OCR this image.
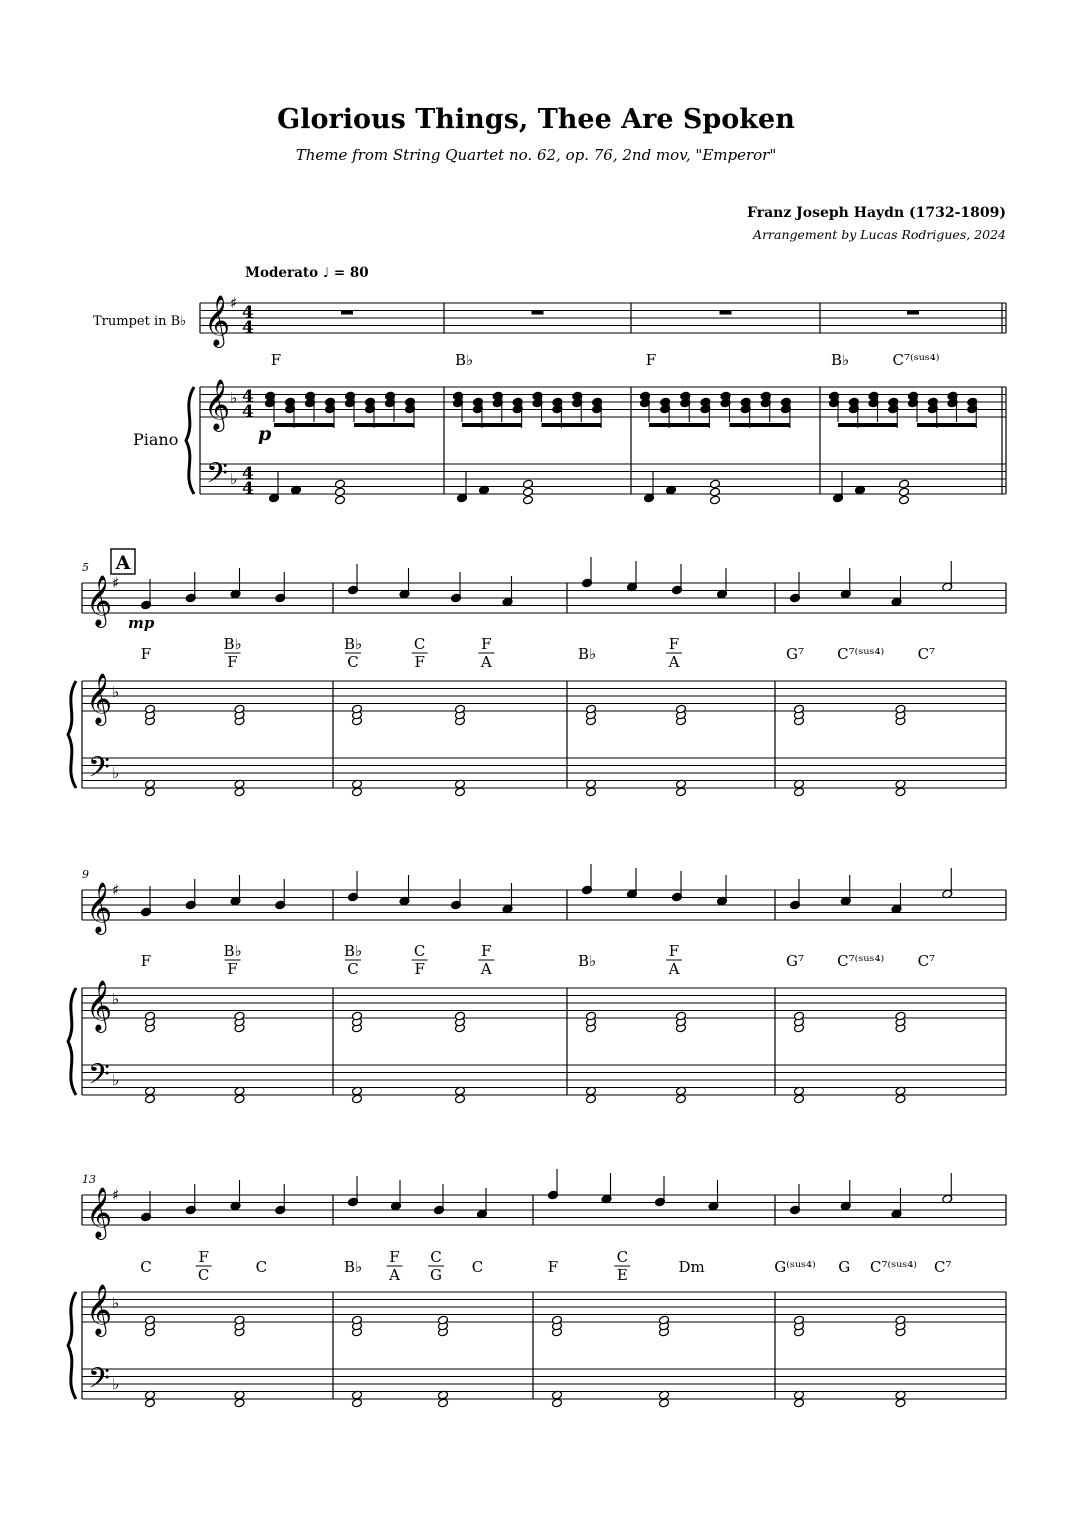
Glorious Things, Thee Are Spoken
Theme from String Quartet no. 62, op. 76, 2nd mov, "Emperor"
Franz Joseph Haydn (1732-1809)
Arrangement by Lucas Rodrigues, 2024
Moderato ♩ = 80
𝄞
𝄞
𝄢
♯
♭
♭
4
4
4
4
4
4
𝄞
𝄞
𝄢
♯
♭
♭
𝄞
𝄞
𝄢
♯
♭
♭
𝄞
𝄞
𝄢
♯
♭
♭
Trumpet in B♭
Piano	p
mp
A
5
9
13
F	B♭	F	B♭	C⁷⁽ˢᵘˢ⁴⁾
F
B♭
F
B♭
C
C
F
F
A	B♭
F
A	G⁷ C⁷⁽ˢᵘˢ⁴⁾ C⁷
F
B♭
F
B♭
C
C
F
F
A	B♭
F
A	G⁷ C⁷⁽ˢᵘˢ⁴⁾ C⁷
C
F
C	C	B♭
F
A
C
G C	F
C
E	Dm	G⁽ˢᵘˢ⁴⁾ G C⁷⁽ˢᵘˢ⁴⁾ C⁷
